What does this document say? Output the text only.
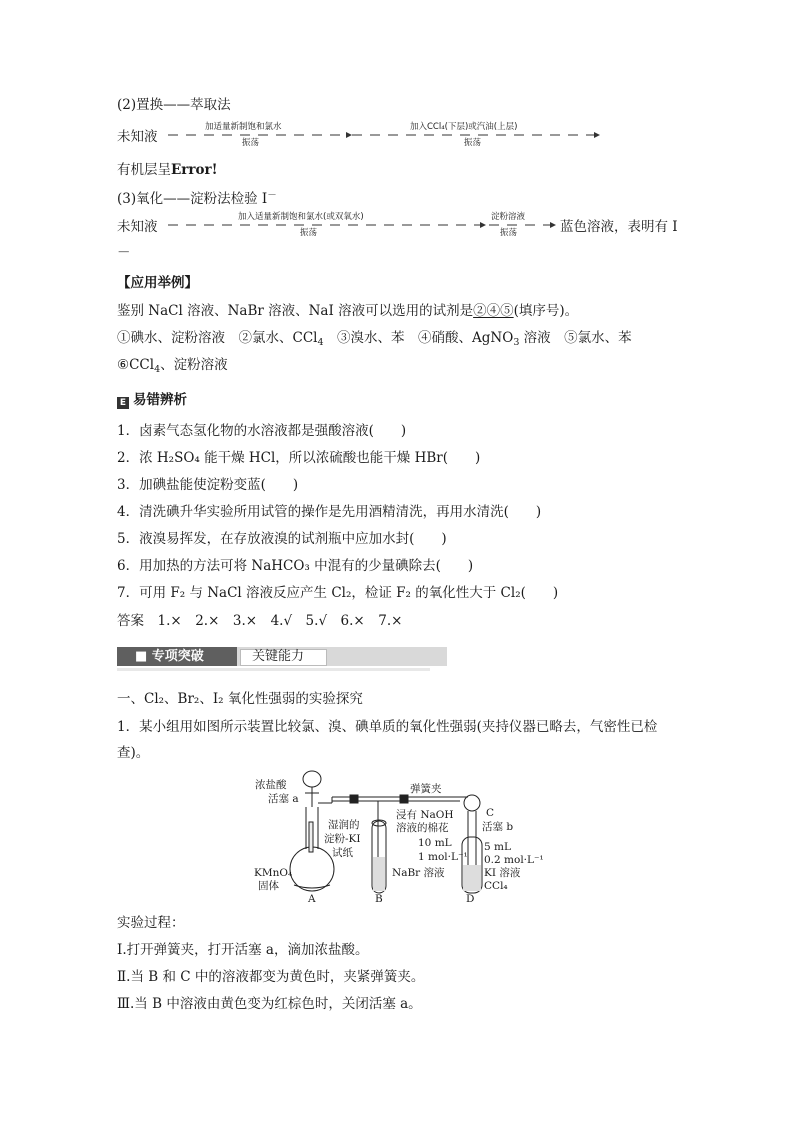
(2)置换——萃取法
未知液
加适量新制饱和氯水
振荡
加入CCl₄(下层)或汽油(上层)
振荡
有机层呈Error!
(3)氧化——淀粉法检验 I－
未知液
加入适量新制饱和氯水(或双氧水)
振荡
淀粉溶液
振荡	蓝色溶液，表明有 I
－
【应用举例】
鉴别 NaCl 溶液、NaBr 溶液、NaI 溶液可以选用的试剂是②④⑤(填序号)。
①碘水、淀粉溶液　 ②氯水、CCl$_4$　 ③溴水、苯　 ④硝酸、AgNO$_3$ 溶液　 ⑤氯水、苯
⑥CCl$_4$、淀粉溶液
E 易错辨析
1．卤素气态氢化物的水溶液都是强酸溶液(　　)
2．浓 H₂SO₄ 能干燥 HCl，所以浓硫酸也能干燥 HBr(　　)
3．加碘盐能使淀粉变蓝(　　)
4．清洗碘升华实验所用试管的操作是先用酒精清洗，再用水清洗(　　)
5．液溴易挥发，在存放液溴的试剂瓶中应加水封(　　)
6．用加热的方法可将 NaHCO₃ 中混有的少量碘除去(　　)
7．可用 F₂ 与 NaCl 溶液反应产生 Cl₂，检证 F₂ 的氧化性大于 Cl₂(　　)
答案　1.×　2.×　3.×　4.√　5.√　6.×　7.×
■ 专项突破	关键能力
一、Cl₂、Br₂、I₂ 氧化性强弱的实验探究
1．某小组用如图所示装置比较氯、溴、碘单质的氧化性强弱(夹持仪器已略去，气密性已检
查)。
浓盐酸
活塞 a
弹簧夹
湿润的
淀粉-KI
试纸
浸有 NaOH
溶液的棉花
C
活塞 b
10 mL
1 mol·L⁻¹
NaBr 溶液
5 mL
0.2 mol·L⁻¹
KI 溶液
CCl₄
KMnO₄
固体
A	B	D
实验过程：
Ⅰ.打开弹簧夹，打开活塞 a，滴加浓盐酸。
Ⅱ.当 B 和 C 中的溶液都变为黄色时，夹紧弹簧夹。
Ⅲ.当 B 中溶液由黄色变为红棕色时，关闭活塞 a。
